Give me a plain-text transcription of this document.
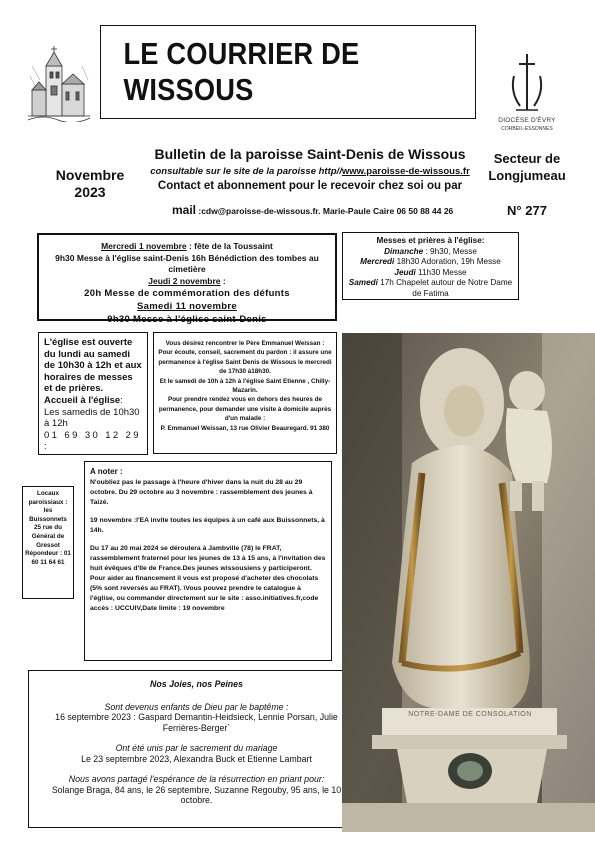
LE COURRIER DE WISSOUS
DIOCÈSE D'ÉVRY
CORBEIL-ESSONNES
Novembre
2023
Bulletin de la paroisse Saint-Denis de Wissous
consultable sur le site de la paroisse http//www.paroisse-de-wissous.fr
Contact et abonnement pour le recevoir chez soi ou par
mail :cdw@paroisse-de-wissous.fr. Marie-Paule Caire 06 50 88 44 26
Secteur de
Longjumeau
N° 277
Mercredi 1 novembre : fête de la Toussaint
9h30 Messe à l'église saint-Denis 16h Bénédiction des tombes au cimetière
Jeudi 2 novembre :
20h Messe de commémoration des défunts
Samedi 11 novembre
9h30 Messe à l'église saint-Denis
Messes et prières à l'église:
Dimanche : 9h30, Messe
Mercredi 18h30 Adoration, 19h Messe
Jeudi 11h30 Messe
Samedi 17h Chapelet autour de Notre Dame de Fatima
L'église est ouverte du lundi au samedi de 10h30 à 12h et aux horaires de messes et de prières.
Accueil à l'église:
Les samedis de 10h30 à 12h
01 69 30 12 29 :
Vous désirez rencontrer le Père Emmanuel Weissan :
Pour écoute, conseil, sacrement du pardon : il assure une permanence à l'église Saint Denis de Wissous le mercredi de 17h30 à18h30.
Et le samedi de 10h à 12h à l'église Saint Etienne , Chilly-Mazarin.
Pour prendre rendez vous en dehors des heures de permanence, pour demander une visite à domicile auprès d'un malade :
P. Emmanuel Weissan, 13 rue Olivier Beauregard. 91 380
Locaux paroissiaux : les Buissonnets 25 rue du Général de Gressot
Répondeur : 01 60 11 64 61
A noter :
N'oubliez pas le passage à l'heure d'hiver dans la nuit du 28 au 29 octobre. Du 29 octobre au 3 novembre : rassemblement des jeunes à Taizé.
19 novembre :l'EA invite toutes les équipes à un café aux Buissonnets, à 14h.
Du 17 au 20 mai 2024 se déroulera à Jambville (78) le FRAT, rassemblement fraternel pour les jeunes de 13 à 15 ans, à l'invitation des huit évêques d'Ile de France.Des jeunes wissousiens y participeront. Pour aider au financement il vous est proposé d'acheter des chocolats (5% sont reversés au FRAT). \Vous pouvez prendre le catalogue à l'église, ou commander directement sur le site : asso.initiatives.fr,code accès : UCCUIV,Date limite : 19 novembre
Nos Joies, nos Peines
Sont devenus enfants de Dieu par le baptême :
16 septembre 2023 : Gaspard Demantin-Heidsieck, Lennie Porsan, Julie Ferrières-Berger`
Ont été unis par le sacrement du mariage
Le 23 septembre 2023, Alexandra Buck et Etienne Lambart
Nous avons partagé l'espérance de la résurrection en priant pour:
Solange Braga, 84 ans, le 26 septembre, Suzanne Regouby, 95 ans, le 10 octobre.
NOTRE-DAME DE CONSOLATION
